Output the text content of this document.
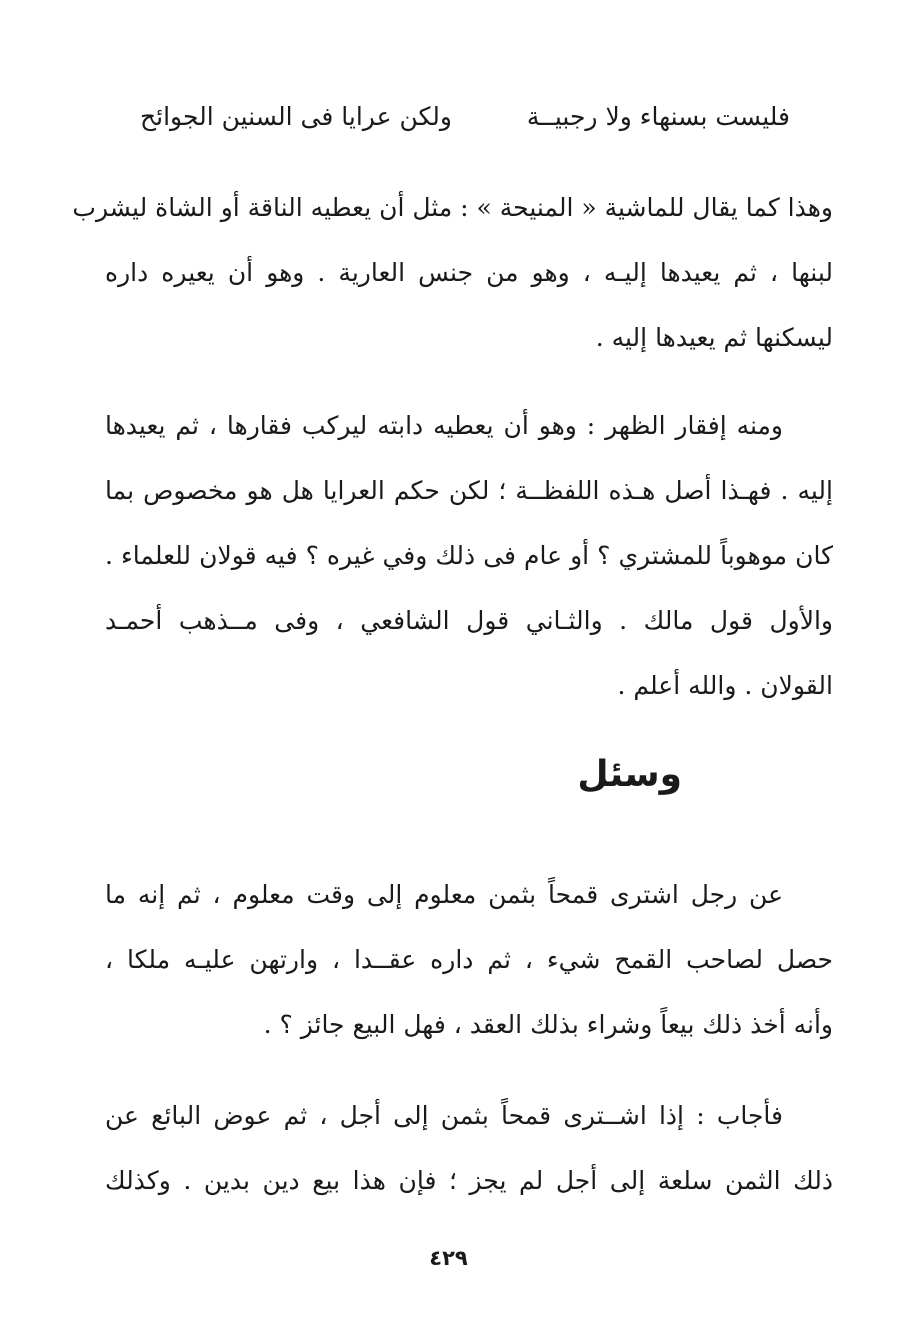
فليست بسنهاء ولا رجبيــة
ولكن عرايا فى السنين الجوائح
وهذا كما يقال للماشية « المنيحة » : مثل أن يعطيه الناقة أو الشاة ليشرب
لبنها ، ثم يعيدها إليـه ، وهو من جنس العارية . وهو أن يعيره داره
ليسكنها ثم يعيدها إليه .
ومنه إفقار الظهر : وهو أن يعطيه دابته ليركب فقارها ، ثم يعيدها
إليه . فهـذا أصل هـذه اللفظــة ؛ لكن حكم العرايا هل هو مخصوص بما
كان موهوباً للمشتري ؟ أو عام فى ذلك وفي غيره ؟ فيه قولان للعلماء .
والأول قول مالك . والثـاني قول الشافعي ، وفى مــذهب أحمـد
القولان . والله أعلم .
وسئل
عن رجل اشترى قمحاً بثمن معلوم إلى وقت معلوم ، ثم إنه ما
حصل لصاحب القمح شيء ، ثم داره عقــدا ، وارتهن عليـه ملكا ،
وأنه أخذ ذلك بيعاً وشراء بذلك العقد ، فهل البيع جائز ؟ .
فأجاب : إذا اشــترى قمحاً بثمن إلى أجل ، ثم عوض البائع عن
ذلك الثمن سلعة إلى أجل لم يجز ؛ فإن هذا بيع دين بدين . وكذلك
٤٢٩
